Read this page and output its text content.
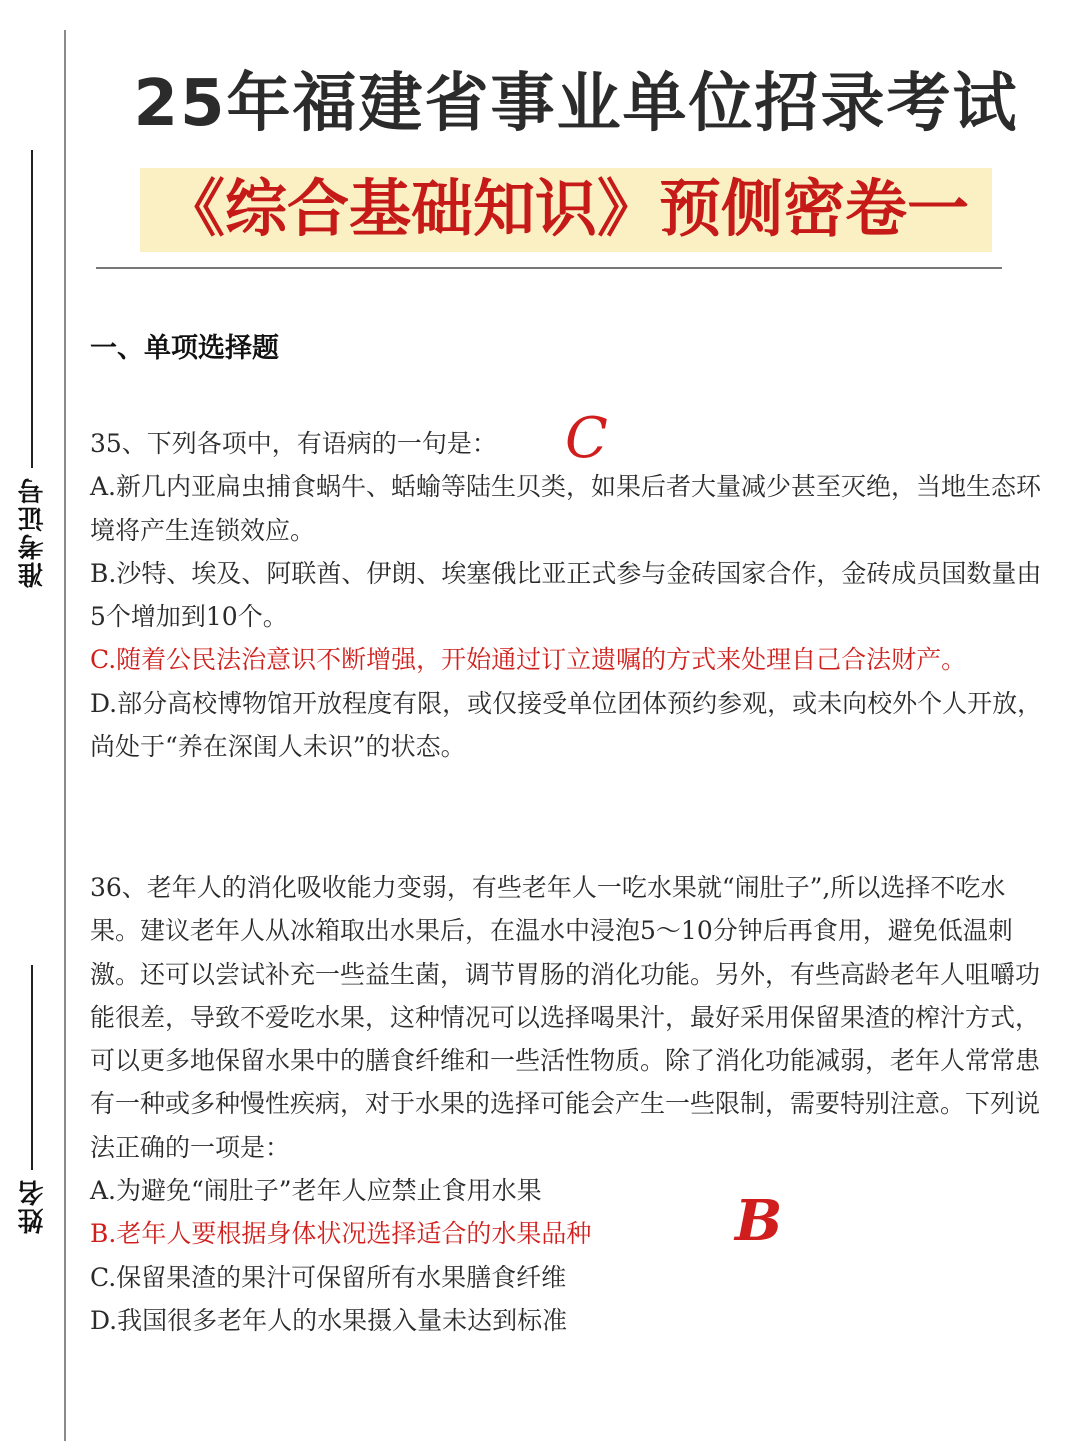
准考证号
姓名
25年福建省事业单位招录考试
《综合基础知识》预侧密卷一
一、单项选择题

35、下列各项中，有语病的一句是：

A.新几内亚扁虫捕食蜗牛、蛞蝓等陆生贝类，如果后者大量减少甚至灭绝，当地生态环境将产生连锁效应。

B.沙特、埃及、阿联酋、伊朗、埃塞俄比亚正式参与金砖国家合作，金砖成员国数量由5个增加到10个。

C.随着公民法治意识不断增强，开始通过订立遗嘱的方式来处理自己合法财产。

D.部分高校博物馆开放程度有限，或仅接受单位团体预约参观，或未向校外个人开放，尚处于“养在深闺人未识”的状态。

C

36、老年人的消化吸收能力变弱，有些老年人一吃水果就“闹肚子”,所以选择不吃水果。建议老年人从冰箱取出水果后，在温水中浸泡5～10分钟后再食用，避免低温刺激。还可以尝试补充一些益生菌，调节胃肠的消化功能。另外，有些高龄老年人咀嚼功能很差，导致不爱吃水果，这种情况可以选择喝果汁，最好采用保留果渣的榨汁方式，可以更多地保留水果中的膳食纤维和一些活性物质。除了消化功能减弱，老年人常常患有一种或多种慢性疾病，对于水果的选择可能会产生一些限制，需要特别注意。下列说法正确的一项是：

A.为避免“闹肚子”老年人应禁止食用水果

B.老年人要根据身体状况选择适合的水果品种

C.保留果渣的果汁可保留所有水果膳食纤维

D.我国很多老年人的水果摄入量未达到标准

B
